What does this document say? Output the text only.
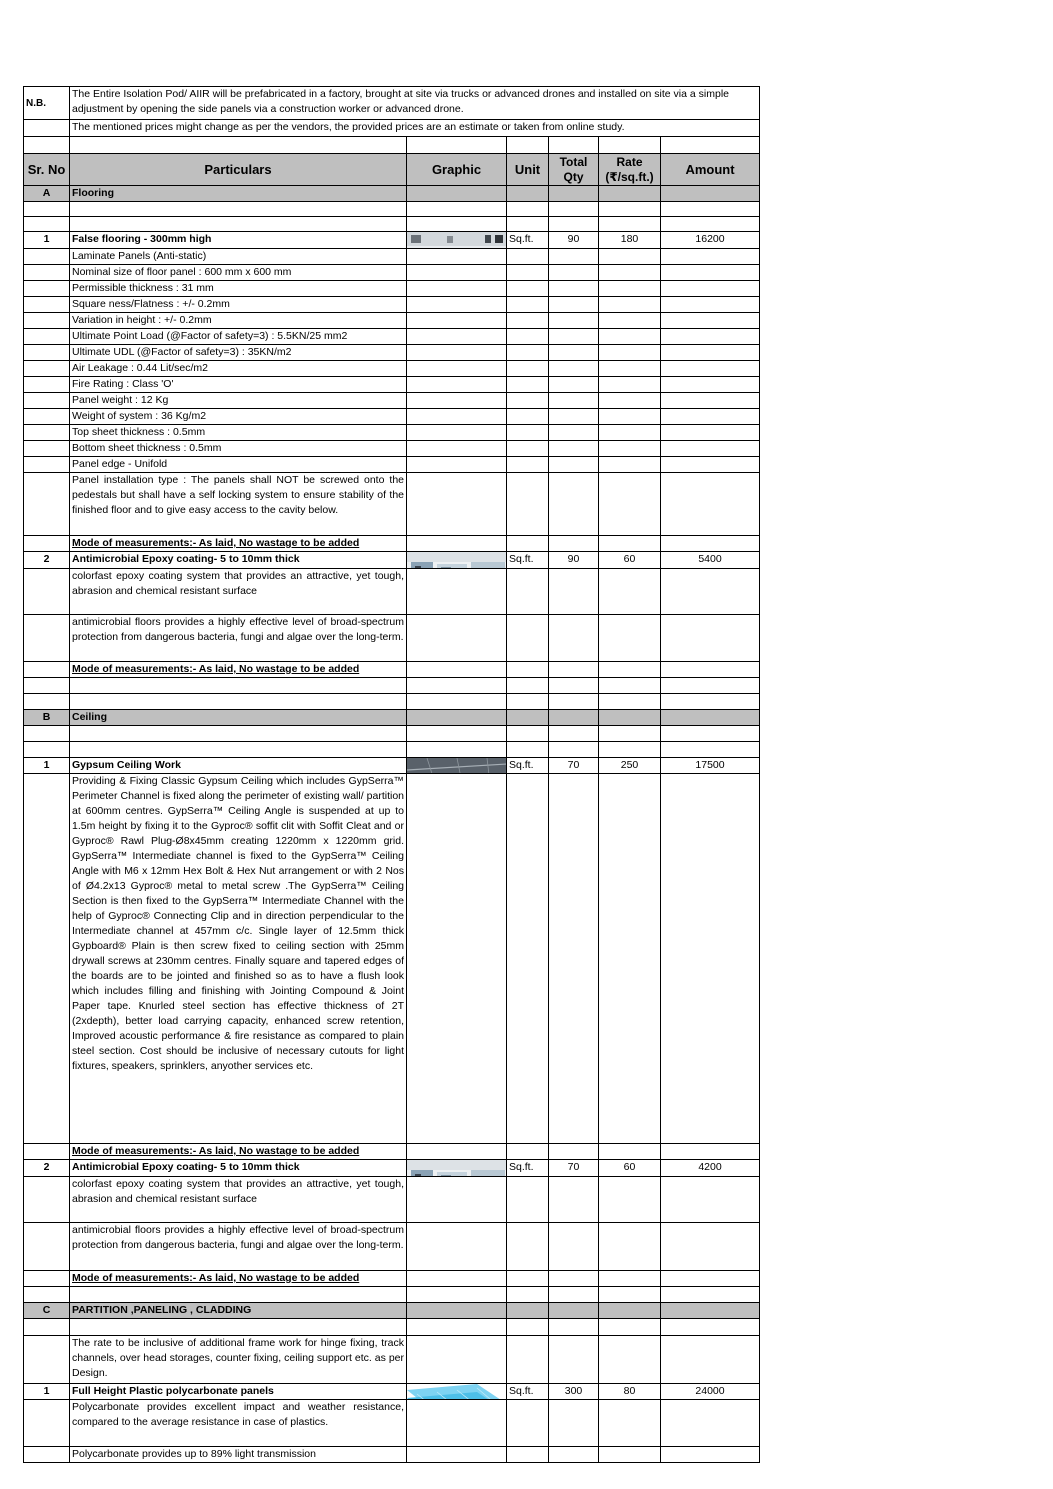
N.B.	The Entire Isolation Pod/ AIIR will be prefabricated in a factory, brought at site via trucks or advanced drones and installed on site via a simple adjustment by opening the side panels via a construction worker or advanced drone.					
	The mentioned prices might change as per the vendors, the provided prices are an estimate or taken from online study.					

Sr. No	Particulars	Graphic	Unit	Total Qty	Rate (₹/sq.ft.)	Amount
A	Flooring					

1	False flooring - 300mm high		Sq.ft.	90	180	16200
	Laminate Panels (Anti-static)					
	Nominal size of floor panel : 600 mm x 600 mm					
	Permissible thickness : 31 mm					
	Square ness/Flatness : +/- 0.2mm					
	Variation in height : +/- 0.2mm					
	Ultimate Point Load (@Factor of safety=3) : 5.5KN/25 mm2					
	Ultimate UDL (@Factor of safety=3) : 35KN/m2					
	Air Leakage : 0.44 Lit/sec/m2					
	Fire Rating : Class 'O'					
	Panel weight : 12 Kg					
	Weight of system : 36 Kg/m2					
	Top sheet thickness : 0.5mm					
	Bottom sheet thickness : 0.5mm					
	Panel edge - Unifold					
	Panel installation type : The panels shall NOT be screwed onto the pedestals but shall have a self locking system to ensure stability of the finished floor and to give easy access to the cavity below.					
	Mode of measurements:- As laid, No wastage to be added					
2	Antimicrobial Epoxy coating- 5 to 10mm thick		Sq.ft.	90	60	5400
	colorfast epoxy coating system that provides an attractive, yet tough, abrasion and chemical resistant surface					
	antimicrobial floors provides a highly effective level of broad-spectrum protection from dangerous bacteria, fungi and algae over the long-term.					
	Mode of measurements:- As laid, No wastage to be added					

B	Ceiling					

1	Gypsum Ceiling Work		Sq.ft.	70	250	17500
	Providing & Fixing Classic Gypsum Ceiling which includes GypSerra™ Perimeter Channel is fixed along the perimeter of existing wall/ partition at 600mm centres. GypSerra™ Ceiling Angle is suspended at up to 1.5m height by fixing it to the Gyproc® soffit clit with Soffit Cleat and or Gyproc® Rawl Plug-Ø8x45mm creating 1220mm x 1220mm grid. GypSerra™ Intermediate channel is fixed to the GypSerra™ Ceiling Angle with M6 x 12mm Hex Bolt & Hex Nut arrangement or with 2 Nos of Ø4.2x13 Gyproc® metal to metal screw .The GypSerra™ Ceiling Section is then fixed to the GypSerra™ Intermediate Channel with the help of Gyproc® Connecting Clip and in direction perpendicular to the Intermediate channel at 457mm c/c. Single layer of 12.5mm thick Gypboard® Plain is then screw fixed to ceiling section with 25mm drywall screws at 230mm centres. Finally square and tapered edges of the boards are to be jointed and finished so as to have a flush look which includes filling and finishing with Jointing Compound & Joint Paper tape. Knurled steel section has effective thickness of 2T (2xdepth), better load carrying capacity, enhanced screw retention, Improved acoustic performance & fire resistance as compared to plain steel section. Cost should be inclusive of necessary cutouts for light fixtures, speakers, sprinklers, anyother services etc.					
	Mode of measurements:- As laid, No wastage to be added					
2	Antimicrobial Epoxy coating- 5 to 10mm thick		Sq.ft.	70	60	4200
	colorfast epoxy coating system that provides an attractive, yet tough, abrasion and chemical resistant surface					
	antimicrobial floors provides a highly effective level of broad-spectrum protection from dangerous bacteria, fungi and algae over the long-term.					
	Mode of measurements:- As laid, No wastage to be added					

C	PARTITION ,PANELING , CLADDING					

	The rate to be inclusive of additional frame work for hinge fixing, track channels, over head storages, counter fixing, ceiling support etc. as per Design.					
1	Full Height Plastic polycarbonate panels		Sq.ft.	300	80	24000
	Polycarbonate provides excellent impact and weather resistance, compared to the average resistance in case of plastics.					
	Polycarbonate provides up to 89% light transmission					
